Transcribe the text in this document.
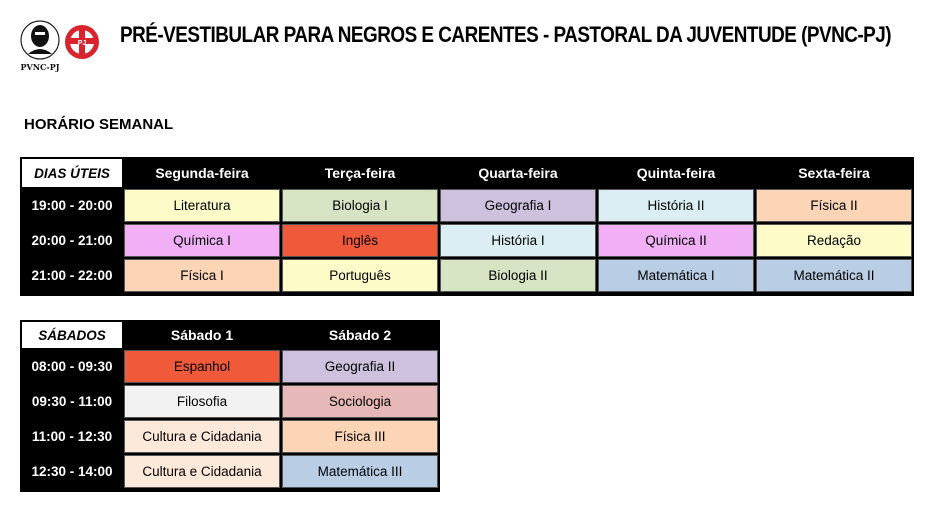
PVNC-PJ
PJ PRÉ-VESTIBULAR PARA NEGROS E CARENTES - PASTORAL DA JUVENTUDE (PVNC-PJ)
HORÁRIO SEMANAL
DIAS ÚTEIS	Segunda-feira	Terça-feira	Quarta-feira	Quinta-feira	Sexta-feira
19:00 - 20:00	Literatura	Biologia I	Geografia I	História II	Física II
20:00 - 21:00	Química I	Inglês	História I	Química II	Redação
21:00 - 22:00	Física I	Português	Biologia II	Matemática I	Matemática II
SÁBADOS	Sábado 1	Sábado 2
08:00 - 09:30	Espanhol	Geografia II
09:30 - 11:00	Filosofia	Sociologia
11:00 - 12:30	Cultura e Cidadania	Física III
12:30 - 14:00	Cultura e Cidadania	Matemática III
